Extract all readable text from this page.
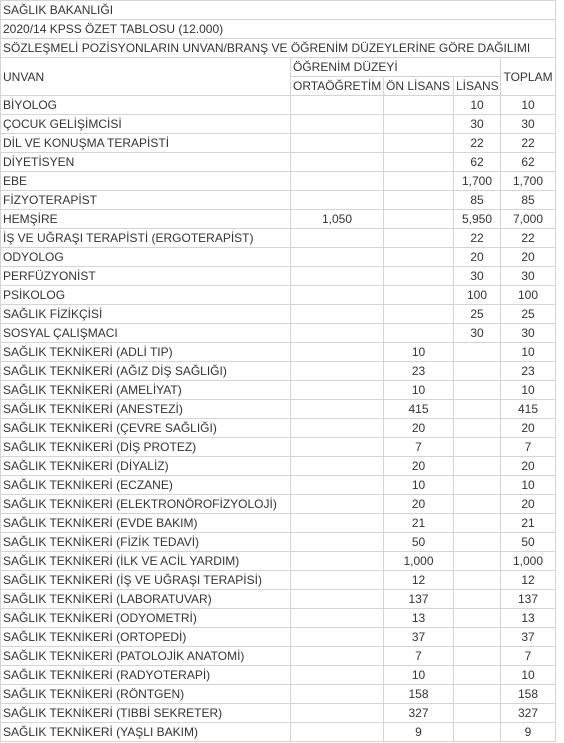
SAĞLIK BAKANLIĞI				
2020/14 KPSS ÖZET TABLOSU (12.000)				
SÖZLEŞMELİ POZİSYONLARIN UNVAN/BRANŞ VE ÖĞRENİM DÜZEYLERİNE GÖRE DAĞILIMI				
UNVAN	ÖĞRENİM DÜZEYİ			TOPLAM
	ORTAÖĞRETİM	ÖN LİSANS	LİSANS	
BİYOLOG			10	10
ÇOCUK GELİŞİMCİSİ			30	30
DİL VE KONUŞMA TERAPİSTİ			22	22
DİYETİSYEN			62	62
EBE			1,700	1,700
FİZYOTERAPİST			85	85
HEMŞİRE	1,050		5,950	7,000
İŞ VE UĞRAŞI TERAPİSTİ (ERGOTERAPİST)			22	22
ODYOLOG			20	20
PERFÜZYONİST			30	30
PSİKOLOG			100	100
SAĞLIK FİZİKÇİSİ			25	25
SOSYAL ÇALIŞMACI			30	30
SAĞLIK TEKNİKERİ (ADLİ TIP)		10		10
SAĞLIK TEKNİKERİ (AĞIZ DİŞ SAĞLIĞI)		23		23
SAĞLIK TEKNİKERİ (AMELİYAT)		10		10
SAĞLIK TEKNİKERİ (ANESTEZİ)		415		415
SAĞLIK TEKNİKERİ (ÇEVRE SAĞLIĞI)		20		20
SAĞLIK TEKNİKERİ (DİŞ PROTEZ)		7		7
SAĞLIK TEKNİKERİ (DİYALİZ)		20		20
SAĞLIK TEKNİKERİ (ECZANE)		10		10
SAĞLIK TEKNİKERİ (ELEKTRONÖROFİZYOLOJİ)		20		20
SAĞLIK TEKNİKERİ (EVDE BAKIM)		21		21
SAĞLIK TEKNİKERİ (FİZİK TEDAVİ)		50		50
SAĞLIK TEKNİKERİ (İLK VE ACİL YARDIM)		1,000		1,000
SAĞLIK TEKNİKERİ (İŞ VE UĞRAŞI TERAPİSİ)		12		12
SAĞLIK TEKNİKERİ (LABORATUVAR)		137		137
SAĞLIK TEKNİKERİ (ODYOMETRİ)		13		13
SAĞLIK TEKNİKERİ (ORTOPEDİ)		37		37
SAĞLIK TEKNİKERİ (PATOLOJİK ANATOMİ)		7		7
SAĞLIK TEKNİKERİ (RADYOTERAPİ)		10		10
SAĞLIK TEKNİKERİ (RÖNTGEN)		158		158
SAĞLIK TEKNİKERİ (TIBBİ SEKRETER)		327		327
SAĞLIK TEKNİKERİ (YAŞLI BAKIM)		9		9
